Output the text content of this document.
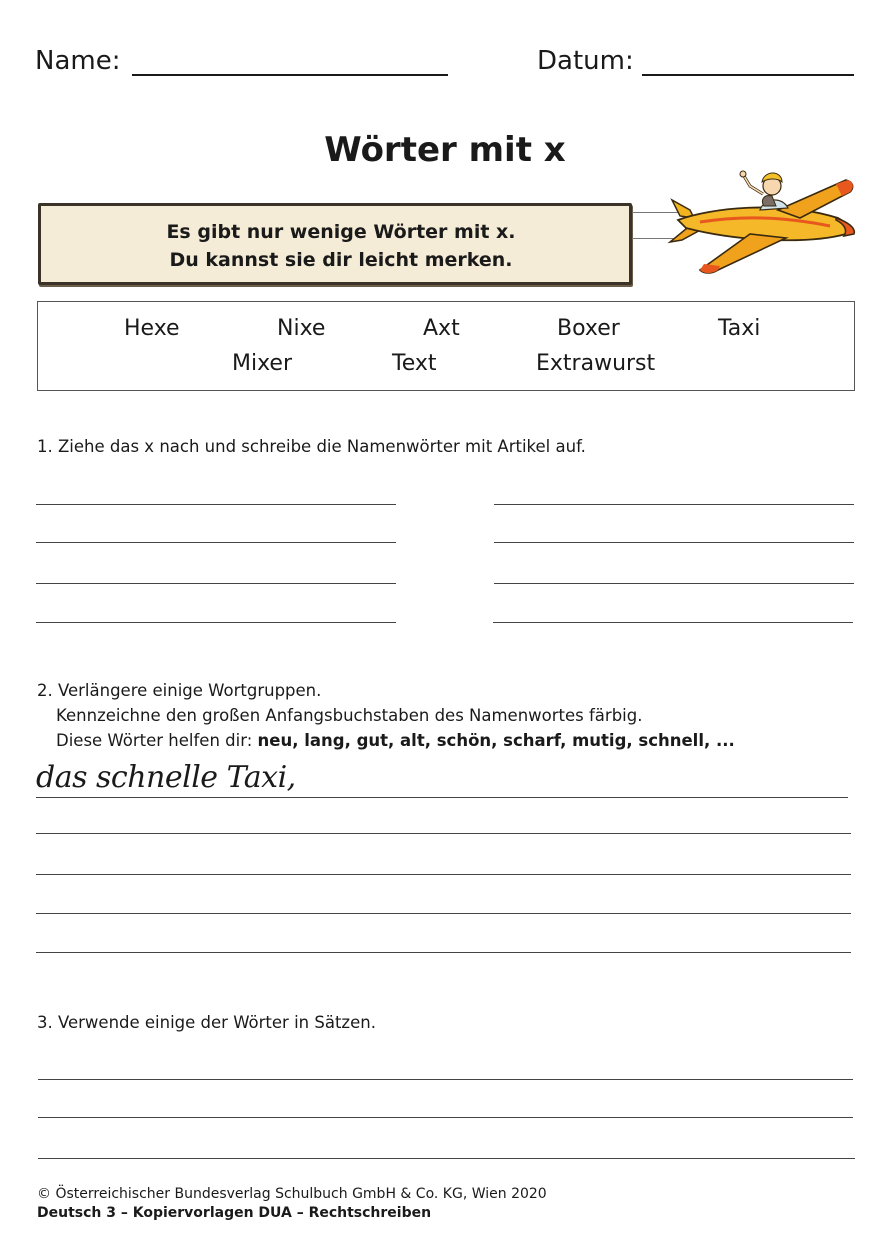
Name:	Datum:
Wörter mit x
Es gibt nur wenige Wörter mit x.
Du kannst sie dir leicht merken.
Hexe	Nixe	Axt	Boxer	Taxi
Mixer	Text	Extrawurst
1. Ziehe das x nach und schreibe die Namenwörter mit Artikel auf.
2. Verlängere einige Wortgruppen.
Kennzeichne den großen Anfangsbuchstaben des Namenwortes färbig.
Diese Wörter helfen dir: neu, lang, gut, alt, schön, scharf, mutig, schnell, ...
das schnelle Taxi,
3. Verwende einige der Wörter in Sätzen.
© Österreichischer Bundesverlag Schulbuch GmbH & Co. KG, Wien 2020
Deutsch 3 – Kopiervorlagen DUA – Rechtschreiben
